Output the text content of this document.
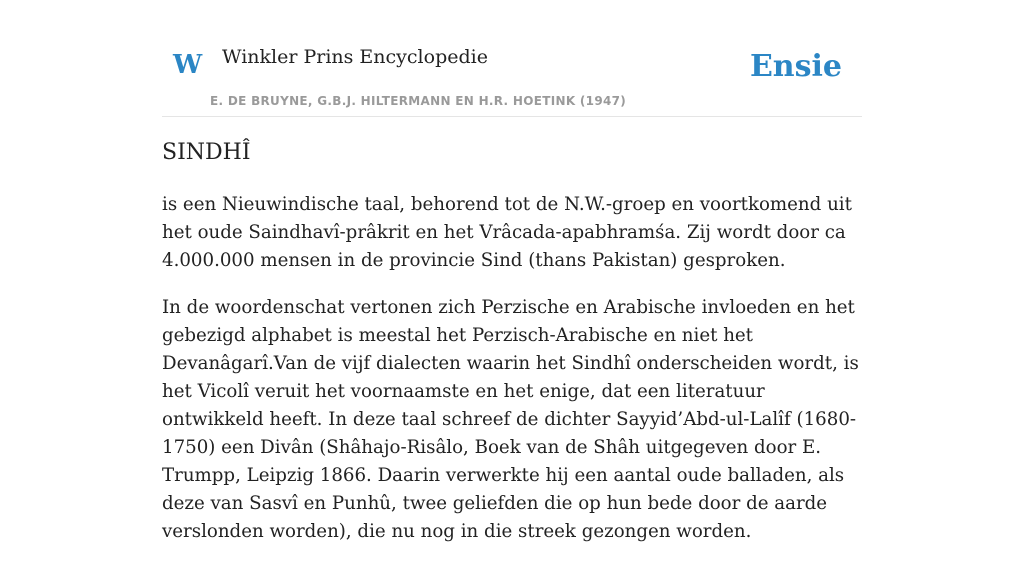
W Winkler Prins Encyclopedie
E. DE BRUYNE, G.B.J. HILTERMANN EN H.R. HOETINK (1947)
Ensie
SINDHÎ

is een Nieuwindische taal, behorend tot de N.W.-groep en voortkomend uit het oude Saindhavî-prâkrit en het Vrâcada-apabhramśa. Zij wordt door ca 4.000.000 mensen in de provincie Sind (thans Pakistan) gesproken.

In de woordenschat vertonen zich Perzische en Arabische invloeden en het gebezigd alphabet is meestal het Perzisch-Arabische en niet het Devanâgarî.Van de vijf dialecten waarin het Sindhî onderscheiden wordt, is het Vicolî veruit het voornaamste en het enige, dat een literatuur ontwikkeld heeft. In deze taal schreef de dichter Sayyid’Abd-ul-Lalîf (1680-1750) een Divân (Shâhajo-Risâlo, Boek van de Shâh uitgegeven door E. Trumpp, Leipzig 1866. Daarin verwerkte hij een aantal oude balladen, als deze van Sasvî en Punhû, twee geliefden die op hun bede door de aarde verslonden worden), die nu nog in die streek gezongen worden.
